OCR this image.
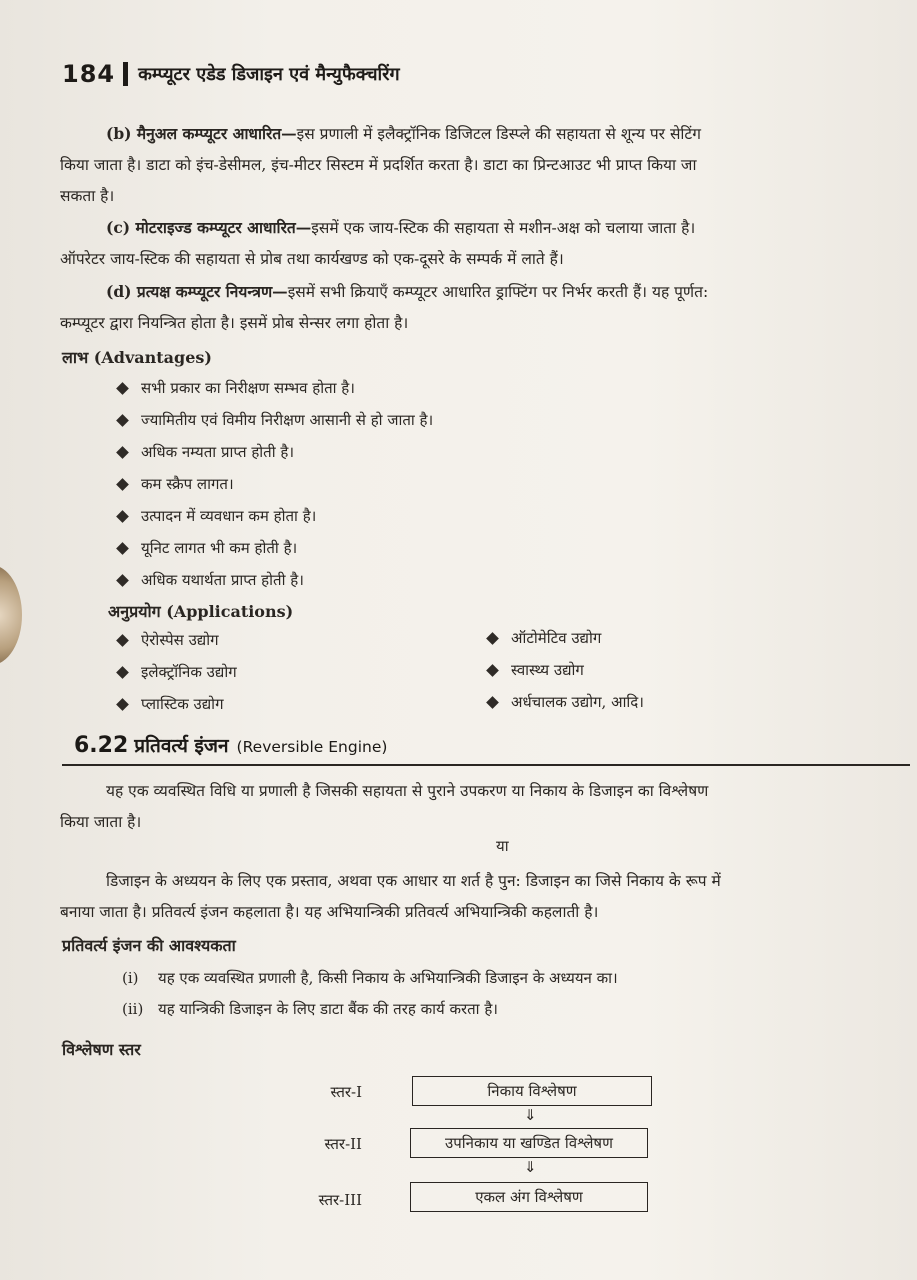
184 कम्प्यूटर एडेड डिजाइन एवं मैन्युफैक्चरिंग
(b) मैनुअल कम्प्यूटर आधारित—इस प्रणाली में इलैक्ट्रॉनिक डिजिटल डिस्प्ले की सहायता से शून्य पर सेटिंग
किया जाता है। डाटा को इंच-डेसीमल, इंच-मीटर सिस्टम में प्रदर्शित करता है। डाटा का प्रिन्टआउट भी प्राप्त किया जा
सकता है।
(c) मोटराइज्ड कम्प्यूटर आधारित—इसमें एक जाय-स्टिक की सहायता से मशीन-अक्ष को चलाया जाता है।
ऑपरेटर जाय-स्टिक की सहायता से प्रोब तथा कार्यखण्ड को एक-दूसरे के सम्पर्क में लाते हैं।
(d) प्रत्यक्ष कम्प्यूटर नियन्त्रण—इसमें सभी क्रियाएँ कम्प्यूटर आधारित ड्राफ्टिंग पर निर्भर करती हैं। यह पूर्णत:
कम्प्यूटर द्वारा नियन्त्रित होता है। इसमें प्रोब सेन्सर लगा होता है।
लाभ (Advantages)
सभी प्रकार का निरीक्षण सम्भव होता है।
ज्यामितीय एवं विमीय निरीक्षण आसानी से हो जाता है।
अधिक नम्यता प्राप्त होती है।
कम स्क्रैप लागत।
उत्पादन में व्यवधान कम होता है।
यूनिट लागत भी कम होती है।
अधिक यथार्थता प्राप्त होती है।
अनुप्रयोग (Applications)
ऐरोस्पेस उद्योग
इलेक्ट्रॉनिक उद्योग
प्लास्टिक उद्योग
ऑटोमेटिव उद्योग
स्वास्थ्य उद्योग
अर्धचालक उद्योग, आदि।
6.22 प्रतिवर्त्य इंजन (Reversible Engine)
यह एक व्यवस्थित विधि या प्रणाली है जिसकी सहायता से पुराने उपकरण या निकाय के डिजाइन का विश्लेषण
किया जाता है।
या
डिजाइन के अध्ययन के लिए एक प्रस्ताव, अथवा एक आधार या शर्त है पुन: डिजाइन का जिसे निकाय के रूप में
बनाया जाता है। प्रतिवर्त्य इंजन कहलाता है। यह अभियान्त्रिकी प्रतिवर्त्य अभियान्त्रिकी कहलाती है।
प्रतिवर्त्य इंजन की आवश्यकता
(i)	यह एक व्यवस्थित प्रणाली है, किसी निकाय के अभियान्त्रिकी डिजाइन के अध्ययन का।
(ii) यह यान्त्रिकी डिजाइन के लिए डाटा बैंक की तरह कार्य करता है।
विश्लेषण स्तर
स्तर-I	निकाय विश्लेषण
⇓
स्तर-II	उपनिकाय या खण्डित विश्लेषण
⇓
स्तर-III	एकल अंग विश्लेषण
